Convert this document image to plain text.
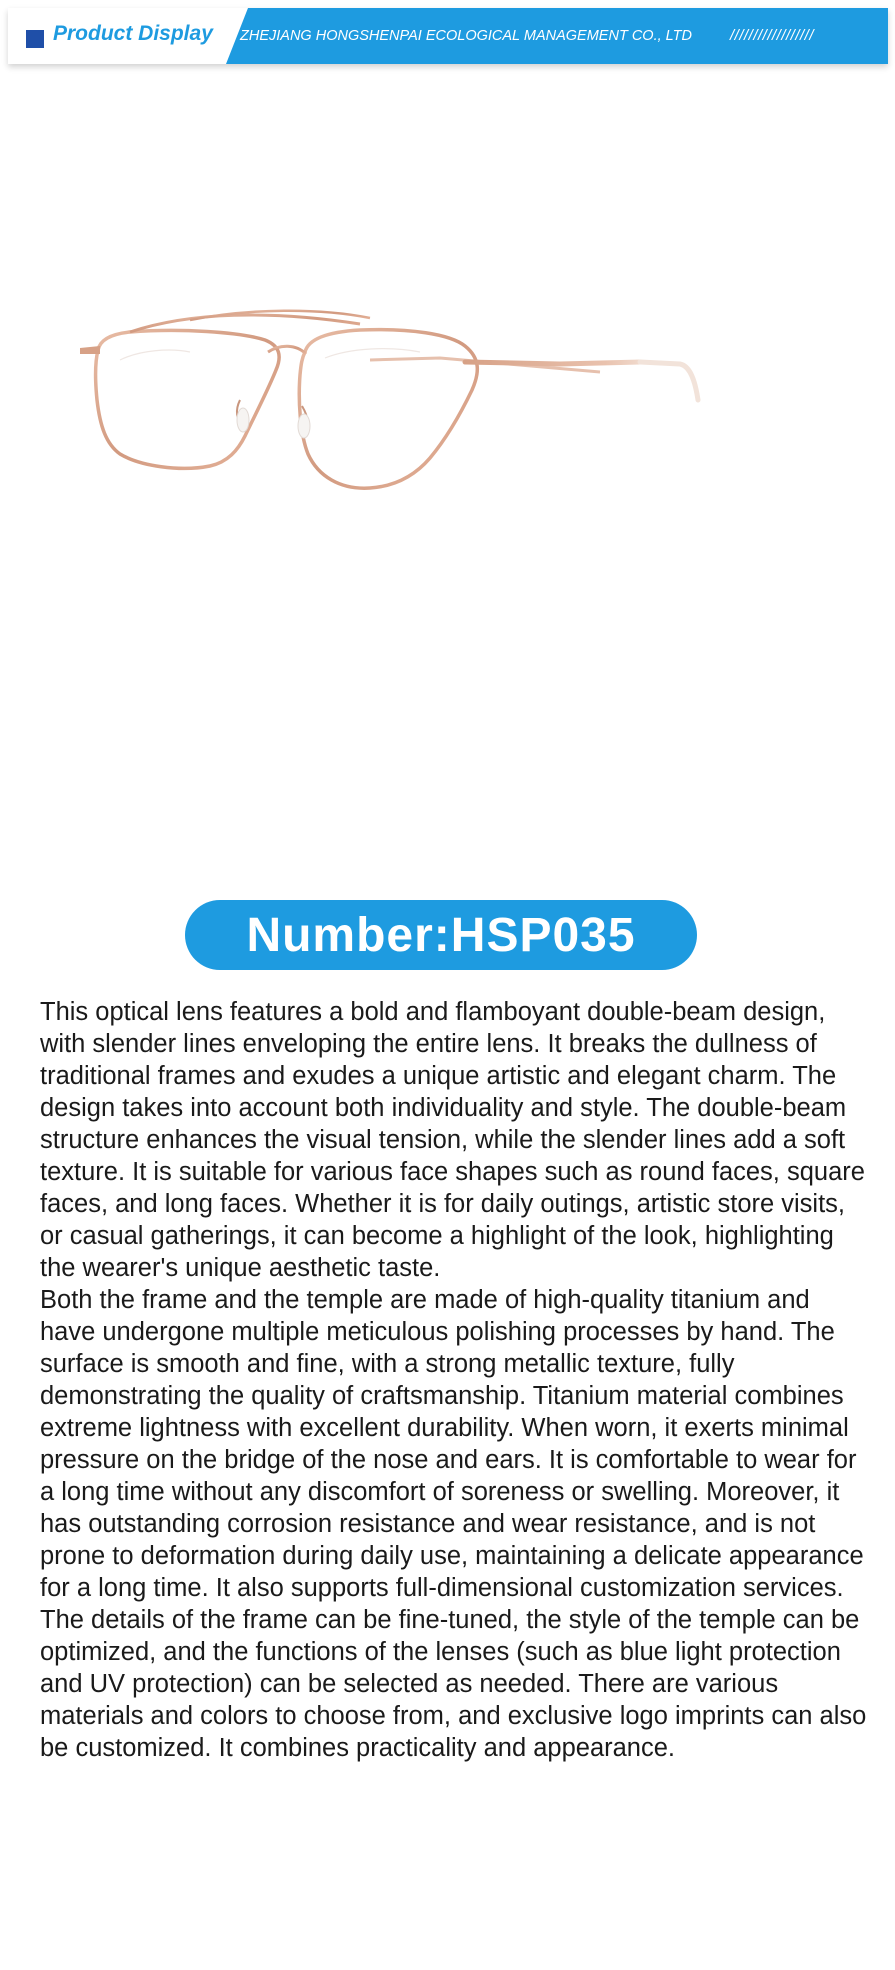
Product Display ZHEJIANG HONGSHENPAI ECOLOGICAL MANAGEMENT CO., LTD	//////////////////
Number:HSP035

This optical lens features a bold and flamboyant double-beam design, with slender lines enveloping the entire lens. It breaks the dullness of traditional frames and exudes a unique artistic and elegant charm. The design takes into account both individuality and style. The double-beam structure enhances the visual tension, while the slender lines add a soft texture. It is suitable for various face shapes such as round faces, square faces, and long faces. Whether it is for daily outings, artistic store visits, or casual gatherings, it can become a highlight of the look, highlighting the wearer's unique aesthetic taste.

Both the frame and the temple are made of high-quality titanium and have undergone multiple meticulous polishing processes by hand. The surface is smooth and fine, with a strong metallic texture, fully demonstrating the quality of craftsmanship. Titanium material combines extreme lightness with excellent durability. When worn, it exerts minimal pressure on the bridge of the nose and ears. It is comfortable to wear for a long time without any discomfort of soreness or swelling. Moreover, it has outstanding corrosion resistance and wear resistance, and is not prone to deformation during daily use, maintaining a delicate appearance for a long time. It also supports full-dimensional customization services. The details of the frame can be fine-tuned, the style of the temple can be optimized, and the functions of the lenses (such as blue light protection and UV protection) can be selected as needed. There are various materials and colors to choose from, and exclusive logo imprints can also be customized. It combines practicality and appearance.
